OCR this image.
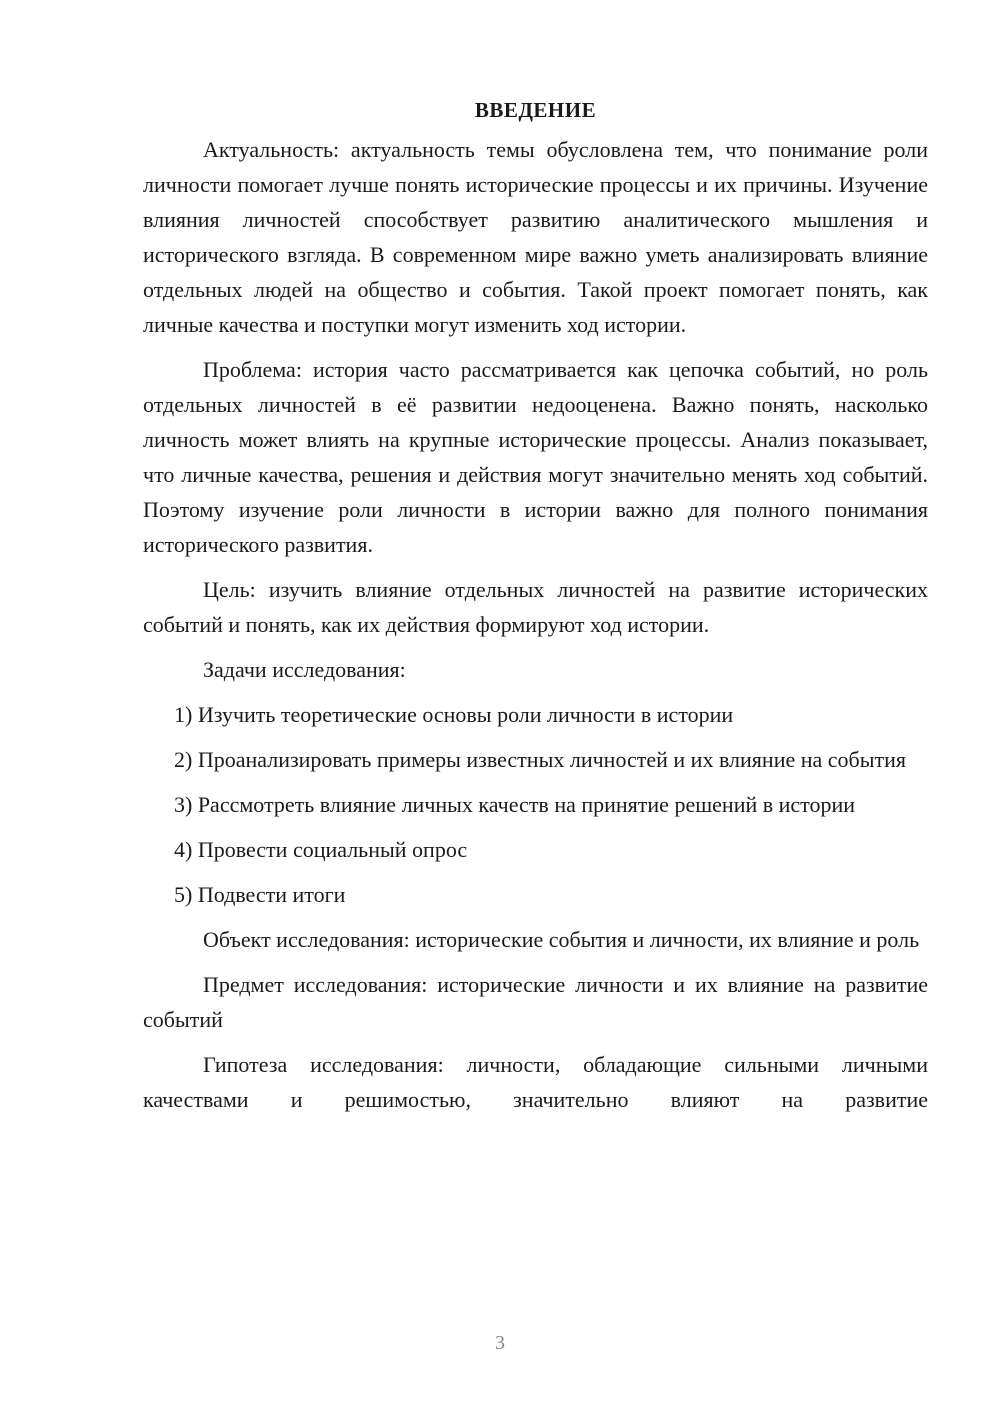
ВВЕДЕНИЕ

Актуальность: актуальность темы обусловлена тем, что понимание роли личности помогает лучше понять исторические процессы и их причины. Изучение влияния личностей способствует развитию аналитического мышления и исторического взгляда. В современном мире важно уметь анализировать влияние отдельных людей на общество и события. Такой проект помогает понять, как личные качества и поступки могут изменить ход истории.

Проблема: история часто рассматривается как цепочка событий, но роль отдельных личностей в её развитии недооценена. Важно понять, насколько личность может влиять на крупные исторические процессы. Анализ показывает, что личные качества, решения и действия могут значительно менять ход событий. Поэтому изучение роли личности в истории важно для полного понимания исторического развития.

Цель: изучить влияние отдельных личностей на развитие исторических событий и понять, как их действия формируют ход истории.

Задачи исследования:

1) Изучить теоретические основы роли личности в истории

2) Проанализировать примеры известных личностей и их влияние на события

3) Рассмотреть влияние личных качеств на принятие решений в истории

4) Провести социальный опрос

5) Подвести итоги

Объект исследования: исторические события и личности, их влияние и роль

Предмет исследования: исторические личности и их влияние на развитие событий

Гипотеза исследования: личности, обладающие сильными личными качествами и решимостью, значительно влияют на развитие

3
